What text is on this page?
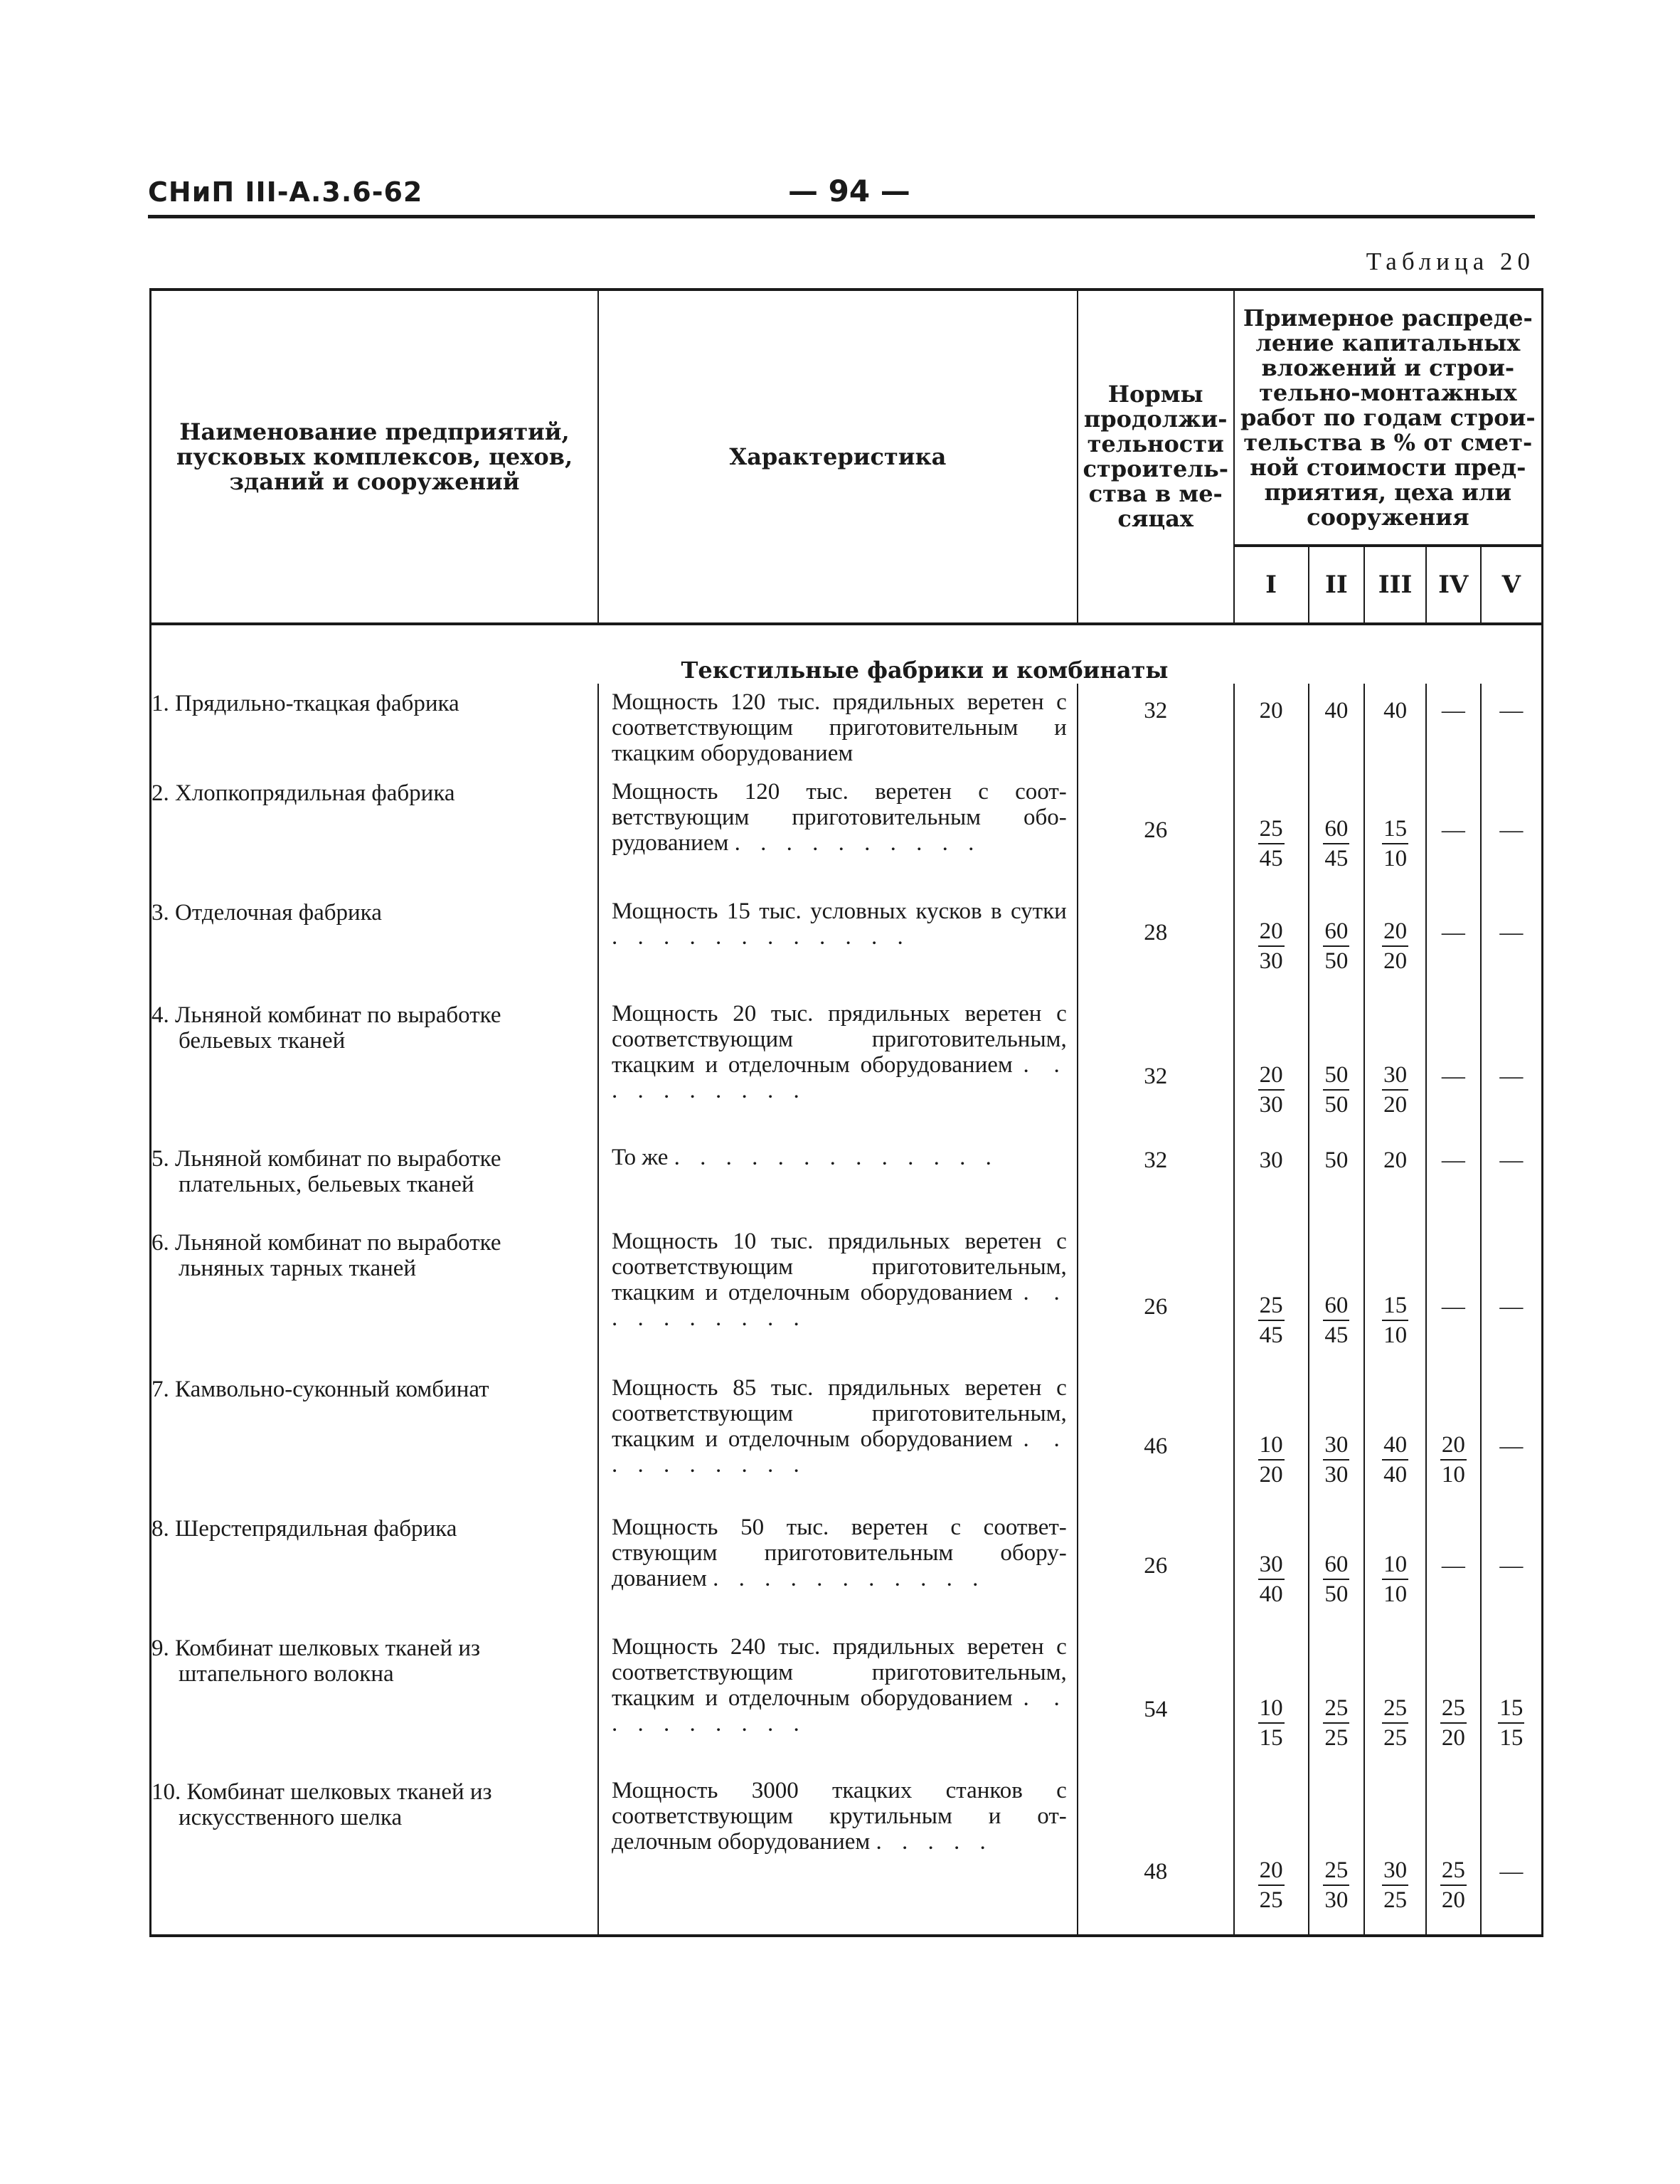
СНиП III-А.3.6-62	— 94 —
Таблица 20
Наименование предприятий, пусковых комплексов, цехов, зданий и сооружений	Характеристика	Нормы продолжительности строительства в месяцах	Примерное распределение капитальных вложений и строительно-монтажных работ по годам строительства в % от сметной стоимости предприятия, цеха или сооружения				
			I	II	III	IV	V
Текстильные фабрики и комбинаты							
1. Прядильно-ткацкая фабрика	Мощность 120 тыс. прядильных веретен с соответствующим приготовительным и ткацким оборудованием	32	20	40	40	—	—
2. Хлопкопрядильная фабрика	Мощность 120 тыс. веретен с соответствующим приготовительным оборудованием . . . . . . . . . .	26	$\frac{25}{45}$	$\frac{60}{45}$	$\frac{15}{10}$	—	—
3. Отделочная фабрика	Мощность 15 тыс. условных кусков в сутки . . . . . . . . . . . .	28	$\frac{20}{30}$	$\frac{60}{50}$	$\frac{20}{20}$	—	—
4. Льняной комбинат по выработке бельевых тканей	Мощность 20 тыс. прядильных веретен с соответствующим приготовительным, ткацким и отделочным оборудованием . . . . . . . . . .	32	$\frac{20}{30}$	$\frac{50}{50}$	$\frac{30}{20}$	—	—
5. Льняной комбинат по выработке плательных, бельевых тканей	То же . . . . . . . . . . . . .	32	30	50	20	—	—
6. Льняной комбинат по выработке льняных тарных тканей	Мощность 10 тыс. прядильных веретен с соответствующим приготовительным, ткацким и отделочным оборудованием . . . . . . . . . .	26	$\frac{25}{45}$	$\frac{60}{45}$	$\frac{15}{10}$	—	—
7. Камвольно-суконный комбинат	Мощность 85 тыс. прядильных веретен с соответствующим приготовительным, ткацким и отделочным оборудованием . . . . . . . . . .	46	$\frac{10}{20}$	$\frac{30}{30}$	$\frac{40}{40}$	$\frac{20}{10}$	—
8. Шерстепрядильная фабрика	Мощность 50 тыс. веретен с соответствующим приготовительным оборудованием . . . . . . . . . . .	26	$\frac{30}{40}$	$\frac{60}{50}$	$\frac{10}{10}$	—	—
9. Комбинат шелковых тканей из штапельного волокна	Мощность 240 тыс. прядильных веретен с соответствующим приготовительным, ткацким и отделочным оборудованием . . . . . . . . . .	54	$\frac{10}{15}$	$\frac{25}{25}$	$\frac{25}{25}$	$\frac{25}{20}$	$\frac{15}{15}$

10. Комбинат шелковых тканей из искусственного шелка	Мощность 3000 ткацких станков с соответствующим крутильным и отделочным оборудованием . . . . .	48	$\frac{20}{25}$	$\frac{25}{30}$	$\frac{30}{25}$	$\frac{25}{20}$	—
